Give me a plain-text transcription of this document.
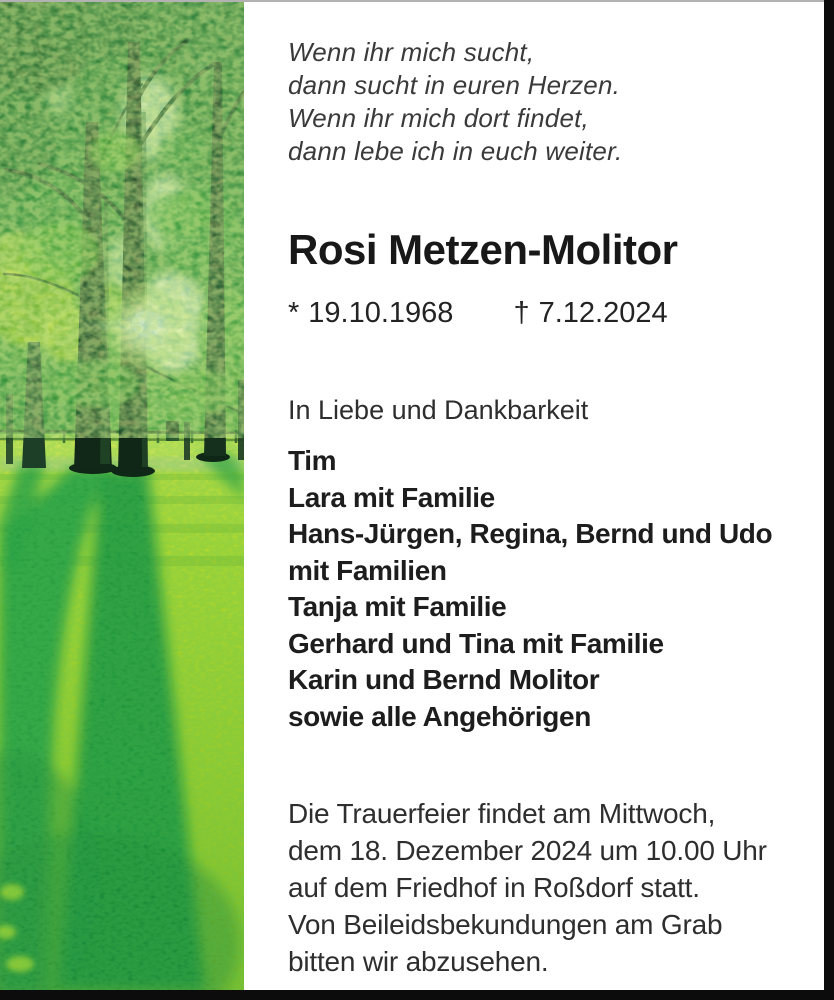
Wenn ihr mich sucht,
dann sucht in euren Herzen.
Wenn ihr mich dort findet,
dann lebe ich in euch weiter.
Rosi Metzen-Molitor
* 19.10.1968 † 7.12.2024
In Liebe und Dankbarkeit
Tim
Lara mit Familie
Hans-Jürgen, Regina, Bernd und Udo
mit Familien
Tanja mit Familie
Gerhard und Tina mit Familie
Karin und Bernd Molitor
sowie alle Angehörigen
Die Trauerfeier findet am Mittwoch,
dem 18. Dezember 2024 um 10.00 Uhr
auf dem Friedhof in Roßdorf statt.
Von Beileidsbekundungen am Grab
bitten wir abzusehen.
